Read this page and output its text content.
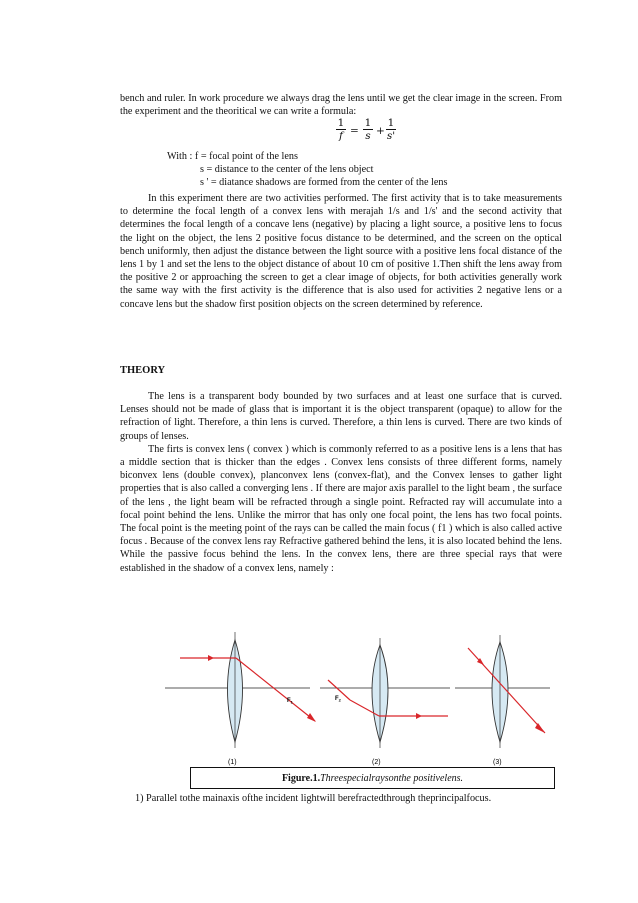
bench and ruler. In work procedure we always drag the lens until we get the clear image in the screen. From the experiment and the theoritical we can write a formula:

$\frac{1}{f} = \frac{1}{s} + \frac{1}{s'}$
With : f = focal point of the lens
s = distance to the center of the lens object
s ' = diatance shadows are formed from the center of the lens

In this experiment there are two activities performed. The first activity that is to take measurements to determine the focal length of a convex lens with merajah 1/s and 1/s' and the second activity that determines the focal length of a concave lens (negative) by placing a light source, a positive lens to focus the light on the object, the lens 2 positive focus distance to be determined, and the screen on the optical bench uniformly, then adjust the distance between the light source with a positive lens focal distance of the lens 1 by 1 and set the lens to the object distance of about 10 cm of positive 1.Then shift the lens away from the positive 2 or approaching the screen to get a clear image of objects, for both activities generally work the same way with the first activity is the difference that is also used for activities 2 negative lens or a concave lens but the shadow first position objects on the screen determined by reference.

THEORY

The lens is a transparent body bounded by two surfaces and at least one surface that is curved. Lenses should not be made of glass that is important it is the object transparent (opaque) to allow for the refraction of light. Therefore, a thin lens is curved. Therefore, a thin lens is curved. There are two kinds of groups of lenses.

The firts is convex lens ( convex ) which is commonly referred to as a positive lens is a lens that has a middle section that is thicker than the edges . Convex lens consists of three different forms, namely biconvex lens (double convex), planconvex lens (convex-flat), and the Convex lenses to gather light properties that is also called a converging lens . If there are major axis parallel to the light beam , the surface of the lens , the light beam will be refracted through a single point. Refracted ray will accumulate into a focal point behind the lens. Unlike the mirror that has only one focal point, the lens has two focal points. The focal point is the meeting point of the rays can be called the main focus ( f1 ) which is also called active focus . Because of the convex lens ray Refractive gathered behind the lens, it is also located behind the lens. While the passive focus behind the lens. In the convex lens, there are three special rays that were established in the shadow of a convex lens, namely :

$F_1$
(1)
$F_2$
(2)	(3)
Figure.1.Threespecialraysonthe positivelens.
1) Parallel tothe mainaxis ofthe incident lightwill berefractedthrough theprincipalfocus.
